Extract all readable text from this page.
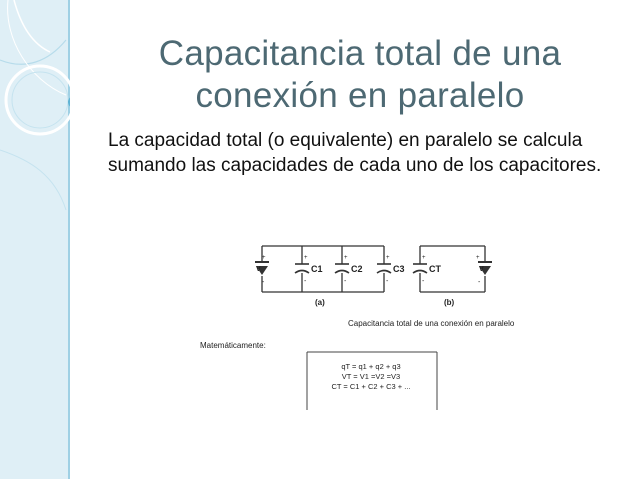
Capacitancia total de una
conexión en paralelo
La capacidad total (o equivalente) en paralelo se calcula sumando las capacidades de cada uno de los capacitores.
+
-
V
+
C1
-
+
C2
-
+
C3
-
(a)
+
CT
-
+
V
-
(b)
Capacitancia total de una conexión en paralelo
Matemáticamente:
qT = q1 + q2 + q3
VT = V1 =V2 =V3
CT = C1 + C2 + C3 + ...
